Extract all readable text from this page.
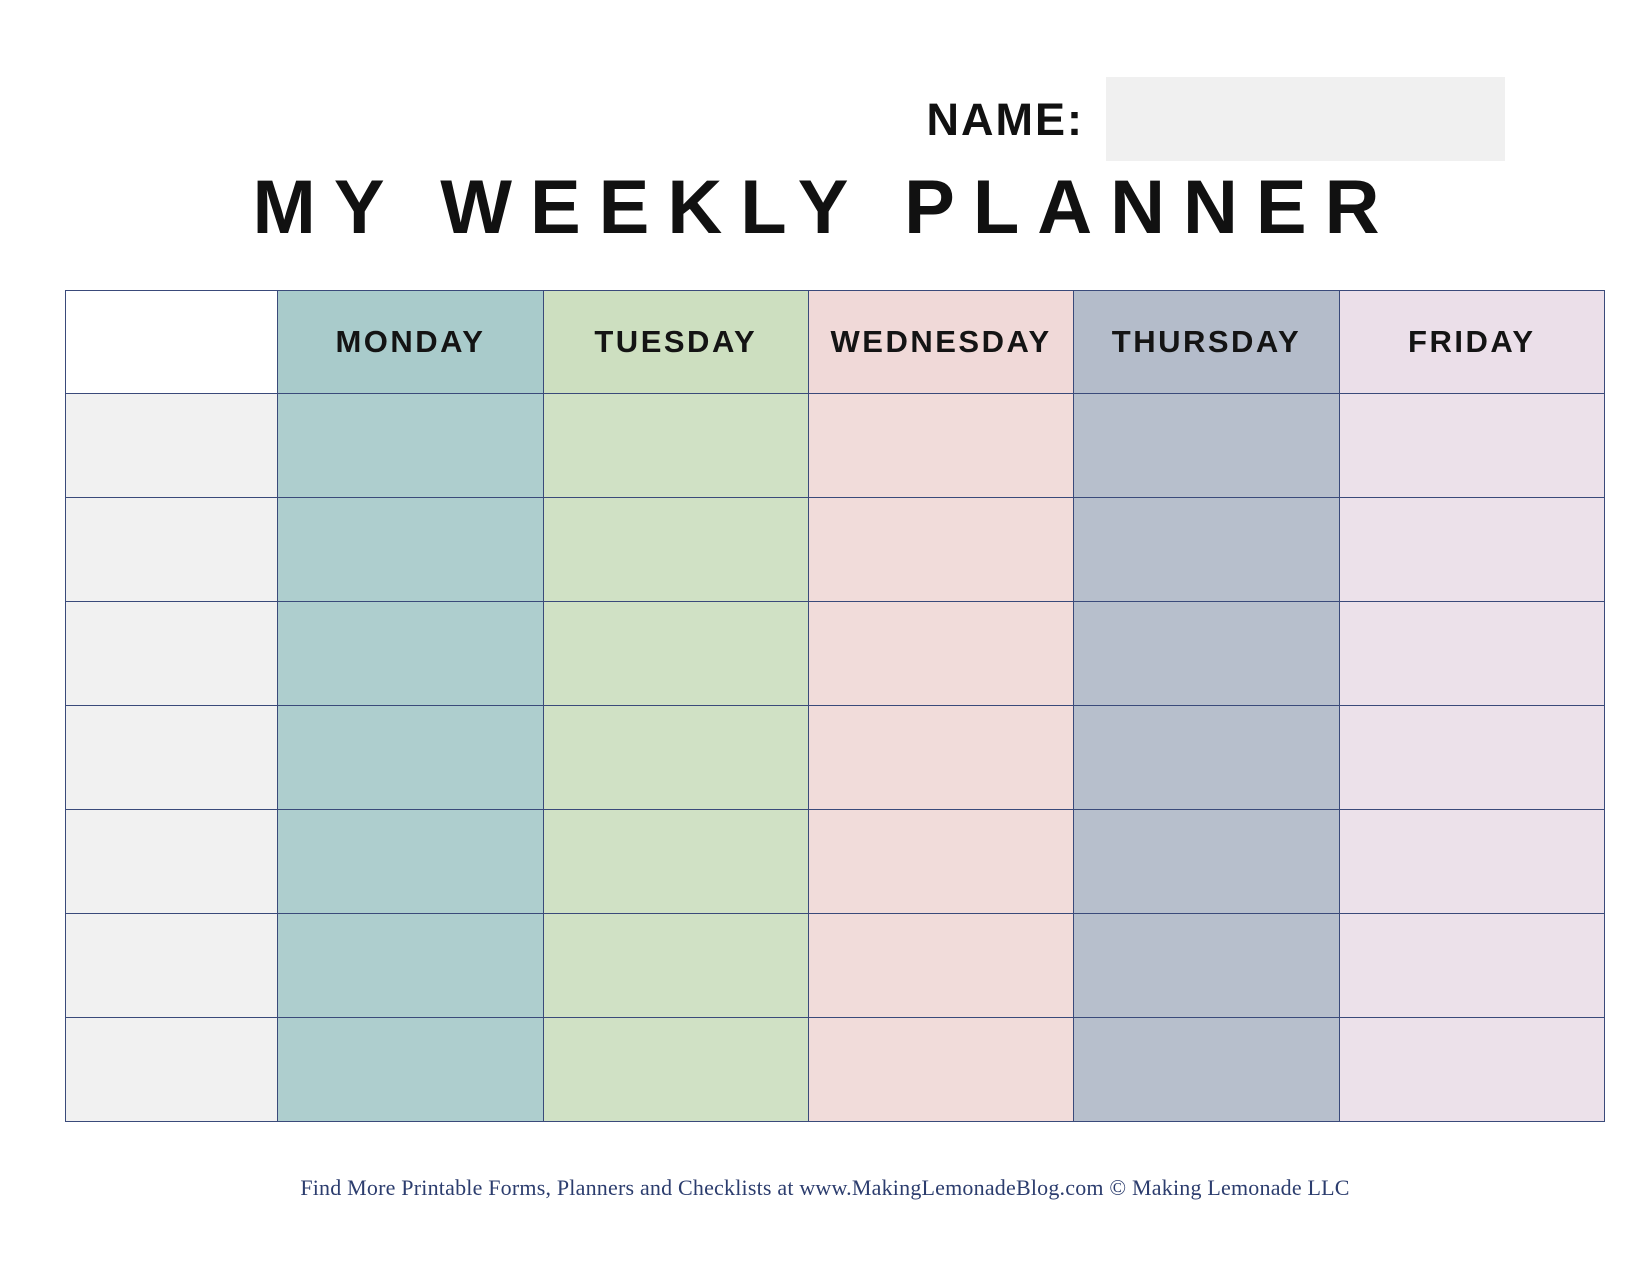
NAME:
MY WEEKLY PLANNER
	MONDAY	TUESDAY	WEDNESDAY	THURSDAY	FRIDAY

Find More Printable Forms, Planners and Checklists at www.MakingLemonadeBlog.com © Making Lemonade LLC
